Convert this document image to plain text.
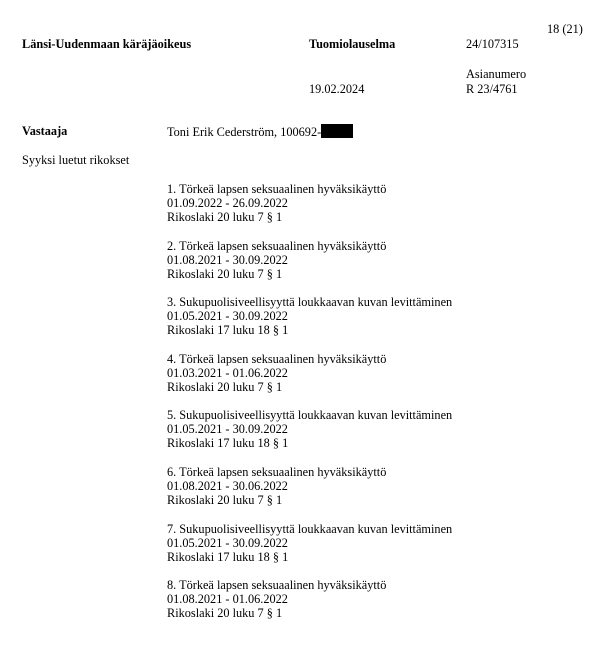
Länsi-Uudenmaan käräjäoikeus	Tuomiolauselma	24/107315
18 (21)
19.02.2024
Asianumero
R 23/4761
Vastaaja	Toni Erik Cederström, 100692-
Syyksi luetut rikokset
1. Törkeä lapsen seksuaalinen hyväksikäyttö
01.09.2022 - 26.09.2022
Rikoslaki 20 luku 7 § 1
2. Törkeä lapsen seksuaalinen hyväksikäyttö
01.08.2021 - 30.09.2022
Rikoslaki 20 luku 7 § 1
3. Sukupuolisiveellisyyttä loukkaavan kuvan levittäminen
01.05.2021 - 30.09.2022
Rikoslaki 17 luku 18 § 1
4. Törkeä lapsen seksuaalinen hyväksikäyttö
01.03.2021 - 01.06.2022
Rikoslaki 20 luku 7 § 1
5. Sukupuolisiveellisyyttä loukkaavan kuvan levittäminen
01.05.2021 - 30.09.2022
Rikoslaki 17 luku 18 § 1
6. Törkeä lapsen seksuaalinen hyväksikäyttö
01.08.2021 - 30.06.2022
Rikoslaki 20 luku 7 § 1
7. Sukupuolisiveellisyyttä loukkaavan kuvan levittäminen
01.05.2021 - 30.09.2022
Rikoslaki 17 luku 18 § 1
8. Törkeä lapsen seksuaalinen hyväksikäyttö
01.08.2021 - 01.06.2022
Rikoslaki 20 luku 7 § 1
